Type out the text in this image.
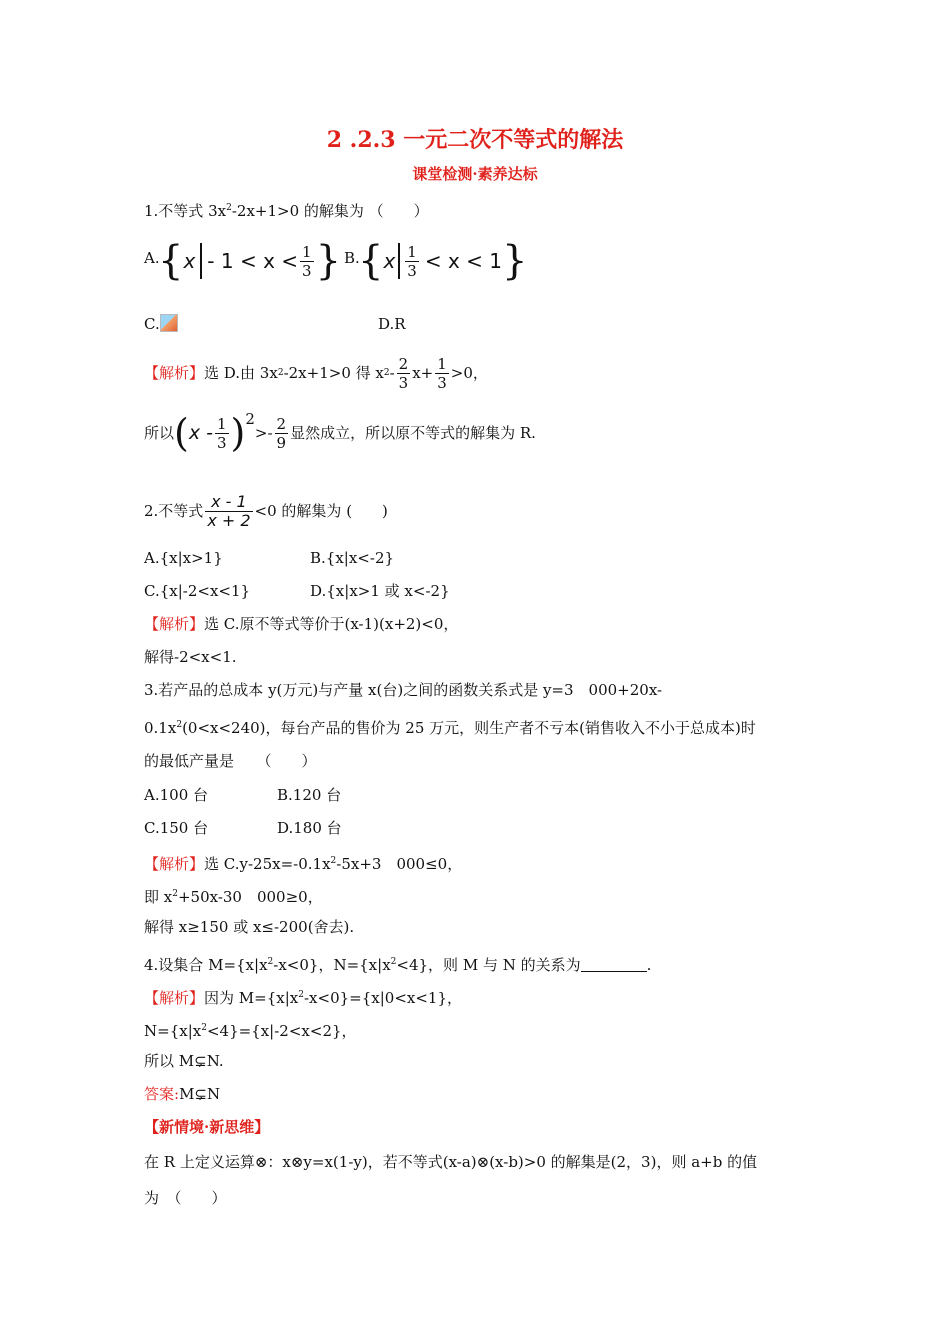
2 .2.3 一元二次不等式的解法
课堂检测·素养达标
1.不等式 $3x^2-2x+1>0$ 的解集为 （　　）
A.
{ $x - 1 < x < \frac{1}{3}$ } B.
{ x $\frac{1}{3} < x < 1$ }
C.	D.R
【解析】 选 D.由 3x 2 -2x+1>0 得 x $2 - \frac{2}{3} x+ \frac{1}{3} >0$，
所以 ( x - $\frac{1}{3}$ ) 2
>- $\frac{2}{9}$ 显然成立，所以原不等式的解集为 R.
2.不等式 $\frac{x - 1}{x + 2} <0$ 的解集为 (　　)
A.{x|x>1}	B.{x|x<-2}
C.{x|-2<x<1}	D.{x|x>1 或 x<-2}
【解析】选 C.原不等式等价于(x-1)(x+2)<0，
解得-2<x<1.
3.若产品的总成本 y(万元)与产量 x(台)之间的函数关系式是 y=3　000+20x-
$0.1x^2(0<x<240)$，每台产品的售价为 25 万元，则生产者不亏本(销售收入不小于总成本)时
的最低产量是　　（　　）
A.100 台	B.120 台
C.150 台	D.180 台
【解析】选 $C.y-25x=-0.1x^2-5x+3$　000≤0，
即 $x^2+50x-30$　000≥0，
解得 x≥150 或 x≤-200(舍去).
4.设集合 $M=\{x|x^2-x<0\}$，$N=\{x|x^2<4\}$，则 M 与 N 的关系为	.
【解析】因为 $M=\{x|x^2-x<0\}=\{x|0<x<1\}$，
$N=\{x|x^2<4\}=\{x|-2<x<2\}$，
所以 M⊊N.
答案:M⊊N
【新情境·新思维】
在 R 上定义运算⊗：x⊗y=x(1-y)，若不等式(x-a)⊗(x-b)>0 的解集是(2，3)，则 a+b 的值
为　（　　）
